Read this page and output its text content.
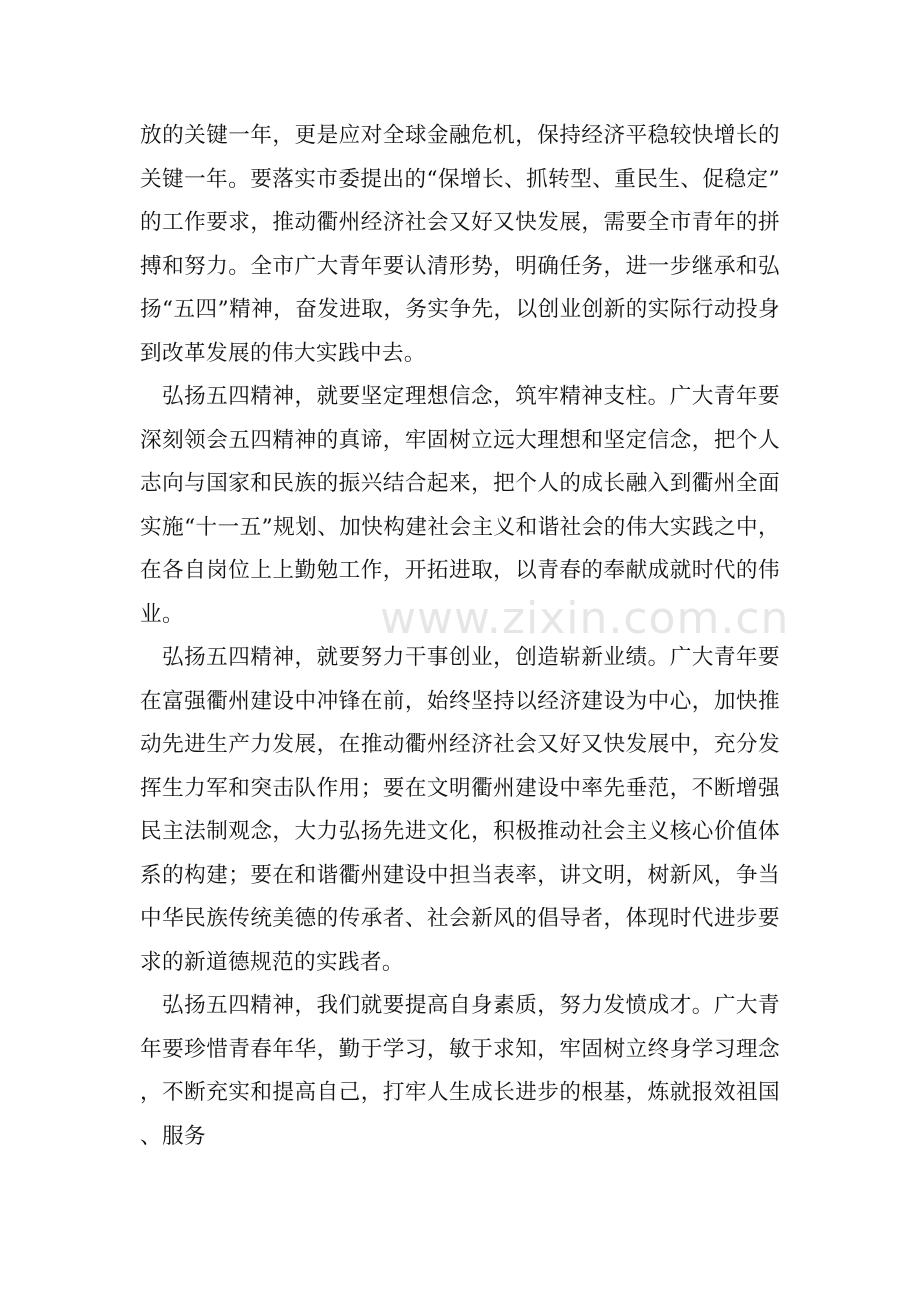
放的关键一年，更是应对全球金融危机，保持经济平稳较快增长的关键一年。要落实市委提出的“保增长、抓转型、重民生、促稳定”的工作要求，推动衢州经济社会又好又快发展，需要全市青年的拼搏和努力。全市广大青年要认清形势，明确任务，进一步继承和弘扬“五四”精神，奋发进取，务实争先，以创业创新的实际行动投身到改革发展的伟大实践中去。

弘扬五四精神，就要坚定理想信念，筑牢精神支柱。广大青年要深刻领会五四精神的真谛，牢固树立远大理想和坚定信念，把个人志向与国家和民族的振兴结合起来，把个人的成长融入到衢州全面实施“十一五”规划、加快构建社会主义和谐社会的伟大实践之中，在各自岗位上上勤勉工作，开拓进取，以青春的奉献成就时代的伟业。

弘扬五四精神，就要努力干事创业，创造崭新业绩。广大青年要在富强衢州建设中冲锋在前，始终坚持以经济建设为中心，加快推动先进生产力发展，在推动衢州经济社会又好又快发展中，充分发挥生力军和突击队作用；要在文明衢州建设中率先垂范，不断增强民主法制观念，大力弘扬先进文化，积极推动社会主义核心价值体系的构建；要在和谐衢州建设中担当表率，讲文明，树新风，争当中华民族传统美德的传承者、社会新风的倡导者，体现时代进步要求的新道德规范的实践者。

弘扬五四精神，我们就要提高自身素质，努力发愤成才。广大青年要珍惜青春年华，勤于学习，敏于求知，牢固树立终身学习理念，不断充实和提高自己，打牢人生成长进步的根基，炼就报效祖国、服务

www.zixin.com.cn
